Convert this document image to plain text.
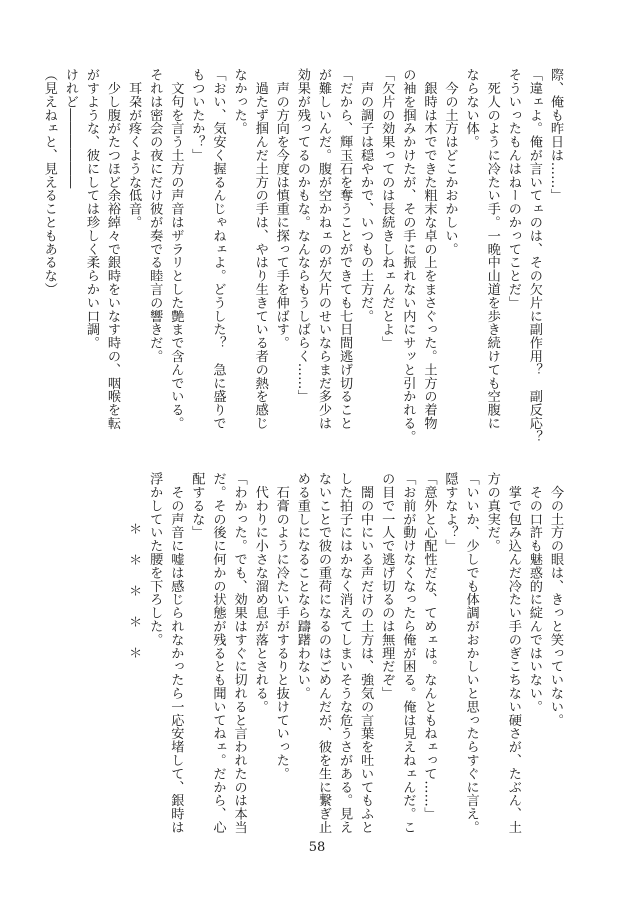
際、俺も昨日は……」
「違ェよ。俺が言いてェのは、その欠片に副作用？　副反応？
そういったもんはねーのかってことだ」
　死人のように冷たい手。一晩中山道を歩き続けても空腹に
ならない体。
　今の土方はどこかおかしい。
　銀時は木でできた粗末な卓の上をまさぐった。土方の着物
の袖を掴みかけたが、その手に振れない内にサッと引かれる。
「欠片の効果ってのは長続きしねェんだとよ」
　声の調子は穏やかで、いつもの土方だ。
「だから、輝玉石を奪うことができても七日間逃げ切ること
が難しいんだ。腹が空かねェのが欠片のせいならまだ多少は
効果が残ってるのかもな。なんならもうしばらく……」
　声の方向を今度は慎重に探って手を伸ばす。
　過たず掴んだ土方の手は、やはり生きている者の熱を感じ
なかった。
「おい、気安く握るんじゃねェよ。どうした？　急に盛りで
もついたか？」
　文句を言う土方の声音はザラリとした艶まで含んでいる。
それは密会の夜にだけ彼が奏でる睦言の響きだ。
　耳朶が疼くような低音。
　少し腹がたつほど余裕綽々で銀時をいなす時の、咽喉を転
がすような、彼にしては珍しく柔らかい口調。
けれど――――――
（見えねェと、見えることもあるな）
　今の土方の眼は、きっと笑っていない。
　その口許も魅惑的に綻んではいない。
　掌で包み込んだ冷たい手のぎこちない硬さが、たぶん、土
方の真実だ。
「いいか、少しでも体調がおかしいと思ったらすぐに言え。
隠すなよ？」
「意外と心配性だな、てめェは。なんともねェって……」
「お前が動けなくなったら俺が困る。俺は見えねェんだ。こ
の目で一人で逃げ切るのは無理だぞ」
　闇の中にいる声だけの土方は、強気の言葉を吐いてもふと
した拍子にはかなく消えてしまいそうな危うさがある。見え
ないことで彼の重荷になるのはごめんだが、彼を生に繋ぎ止
める重しになることなら躊躇わない。
　石膏のように冷たい手がするりと抜けていった。
　代わりに小さな溜め息が落とされる。
「わかった。でも、効果はすぐに切れると言われたのは本当
だ。その後に何かの状態が残るとも聞いてねェ。だから、心
配するな」
　その声音に嘘は感じられなかったら一応安堵して、銀時は
浮かしていた腰を下ろした。
＊＊＊＊＊
58
